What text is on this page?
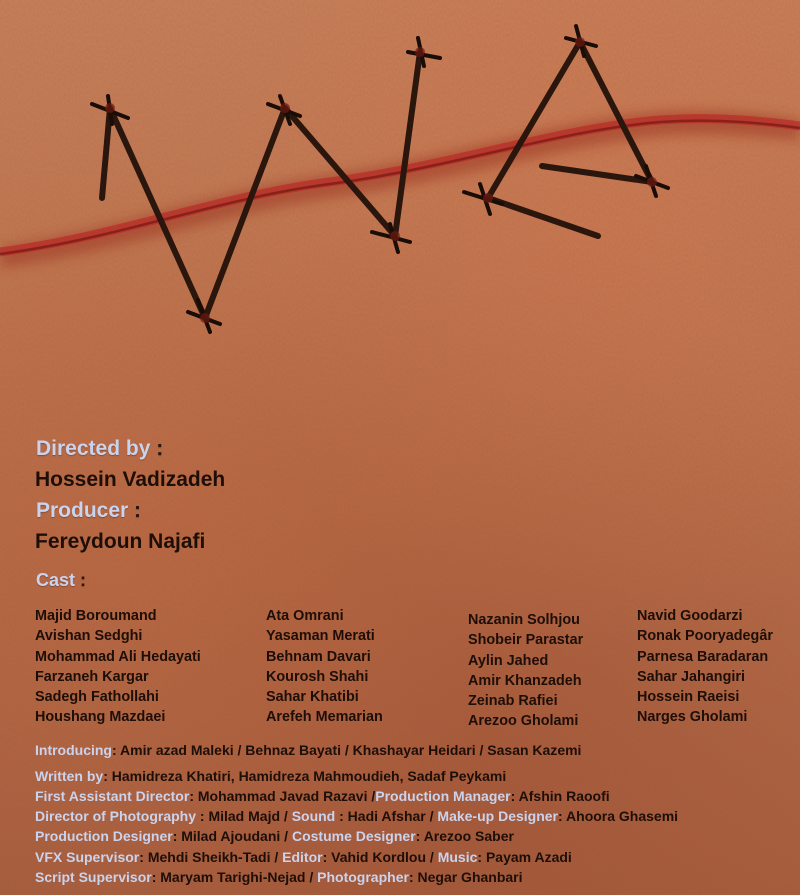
Directed by :
Hossein Vadizadeh
Producer :
Fereydoun Najafi
Cast :
Majid Boroumand
Avishan Sedghi
Mohammad Ali Hedayati
Farzaneh Kargar
Sadegh Fathollahi
Houshang Mazdaei
Ata Omrani
Yasaman Merati
Behnam Davari
Kourosh Shahi
Sahar Khatibi
Arefeh Memarian
Nazanin Solhjou
Shobeir Parastar
Aylin Jahed
Amir Khanzadeh
Zeinab Rafiei
Arezoo Gholami
Navid Goodarzi
Ronak Pooryadegâr
Parnesa Baradaran
Sahar Jahangiri
Hossein Raeisi
Narges Gholami
Introducing: Amir azad Maleki / Behnaz Bayati / Khashayar Heidari / Sasan Kazemi
Written by: Hamidreza Khatiri, Hamidreza Mahmoudieh, Sadaf Peykami
First Assistant Director: Mohammad Javad Razavi /Production Manager: Afshin Raoofi
Director of Photography : Milad Majd / Sound : Hadi Afshar / Make-up Designer: Ahoora Ghasemi
Production Designer: Milad Ajoudani / Costume Designer: Arezoo Saber
VFX Supervisor: Mehdi Sheikh-Tadi / Editor: Vahid Kordlou / Music: Payam Azadi
Script Supervisor: Maryam Tarighi-Nejad / Photographer: Negar Ghanbari
